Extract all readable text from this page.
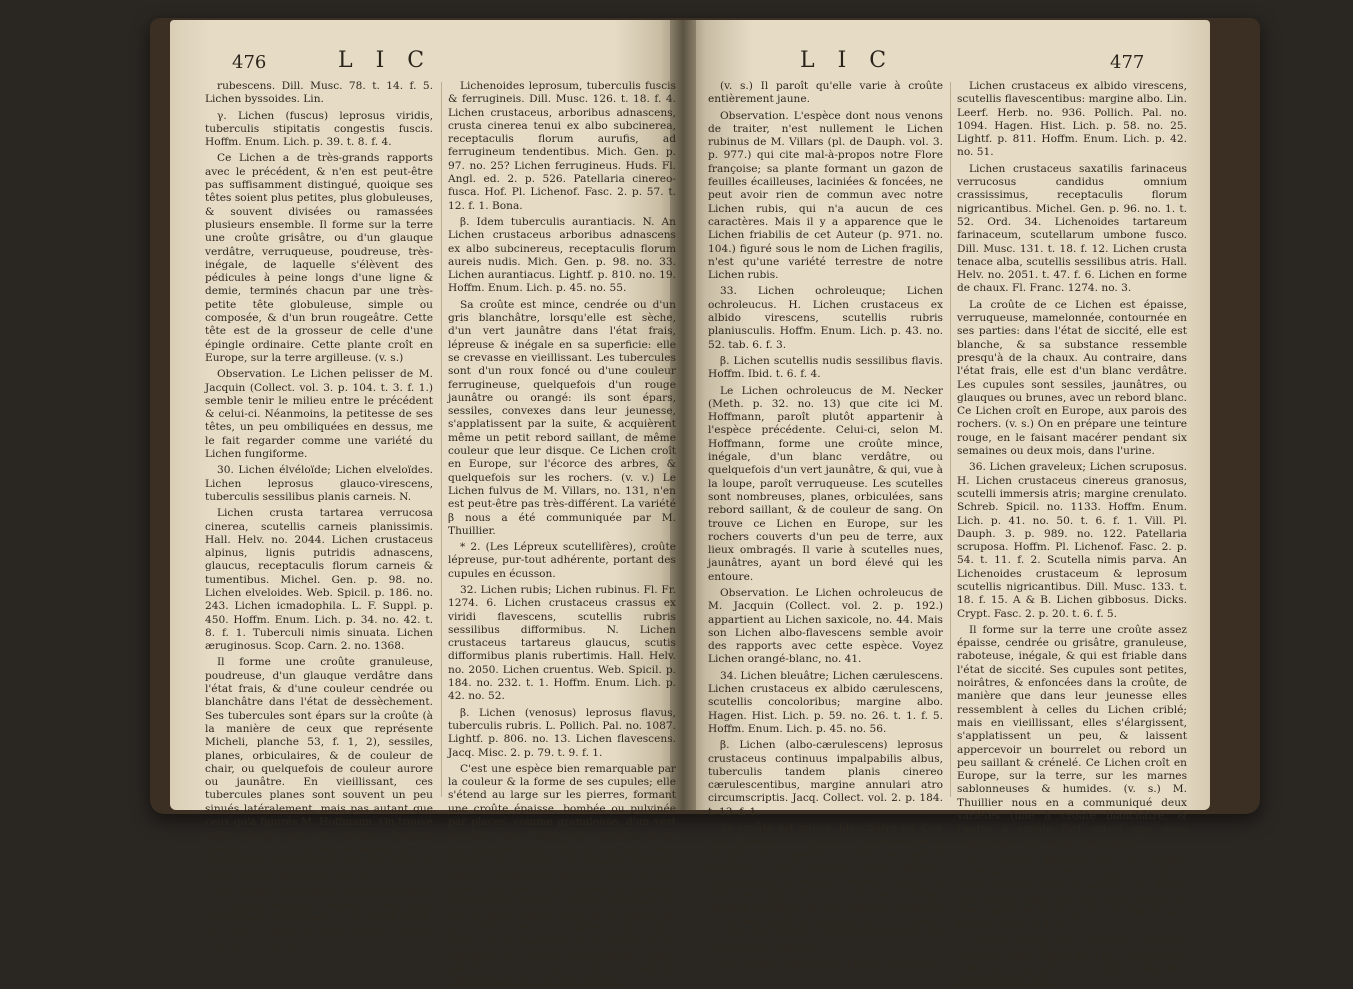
476	L I C	L I C	477

rubescens. Dill. Musc. 78. t. 14. f. 5. Lichen byssoides. Lin.

γ. Lichen (fuscus) leprosus viridis, tuberculis stipitatis congestis fuscis. Hoffm. Enum. Lich. p. 39. t. 8. f. 4.

Ce Lichen a de très-grands rapports avec le précédent, & n'en est peut-être pas suffisamment distingué, quoique ses têtes soient plus petites, plus globuleuses, & souvent divisées ou ramassées plusieurs ensemble. Il forme sur la terre une croûte grisâtre, ou d'un glauque verdâtre, verruqueuse, poudreuse, très-inégale, de laquelle s'élèvent des pédicules à peine longs d'une ligne & demie, terminés chacun par une très-petite tête globuleuse, simple ou composée, & d'un brun rougeâtre. Cette tête est de la grosseur de celle d'une épingle ordinaire. Cette plante croît en Europe, sur la terre argilleuse. (v. s.)

Observation. Le Lichen pelisser de M. Jacquin (Collect. vol. 3. p. 104. t. 3. f. 1.) semble tenir le milieu entre le précédent & celui-ci. Néanmoins, la petitesse de ses têtes, un peu ombiliquées en dessus, me le fait regarder comme une variété du Lichen fungiforme.

30. Lichen élvéloïde; Lichen elveloïdes. Lichen leprosus glauco-virescens, tuberculis sessilibus planis carneis. N.

Lichen crusta tartarea verrucosa cinerea, scutellis carneis planissimis. Hall. Helv. no. 2044. Lichen crustaceus alpinus, lignis putridis adnascens, glaucus, receptaculis florum carneis & tumentibus. Michel. Gen. p. 98. no. Lichen elveloides. Web. Spicil. p. 186. no. 243. Lichen icmadophila. L. F. Suppl. p. 450. Hoffm. Enum. Lich. p. 34. no. 42. t. 8. f. 1. Tuberculi nimis sinuata. Lichen æruginosus. Scop. Carn. 2. no. 1368.

Il forme une croûte granuleuse, poudreuse, d'un glauque verdâtre dans l'état frais, & d'une couleur cendrée ou blanchâtre dans l'état de dessèchement. Ses tubercules sont épars sur la croûte (à la manière de ceux que représente Micheli, planche 53, f. 1, 2), sessiles, planes, orbiculaires, & de couleur de chair, ou quelquefois de couleur aurore ou jaunâtre. En vieillissant, ces tubercules planes sont souvent un peu sinués latéralement, mais pas autant que ceux qu'a figurés M. Hoffmann. On trouve cette plante sur les troncs d'arbres pourris. (v. v.) Le Lichen elveloïdes de M. Jacquin est très-différent de cette espèce. Voyez Lichen pezizoïde, no. 51.

31. Lichen printanier; Lichen vernalis. L. Lichen leprosus albidus, tuberculis subrotundis ferrugineis. Lin. Leerf. Herb. no. 923. Lightf. p. 805. Hoffm. Enum. Lich. p. 33. no. 41. t. 5. f. 1.

Lichenoides leprosum, tuberculis fuscis & ferrugineis. Dill. Musc. 126. t. 18. f. 4. Lichen crustaceus, arboribus adnascens, crusta cinerea tenui ex albo subcinerea, receptaculis florum aurufis, ad ferrugineum tendentibus. Mich. Gen. p. 97. no. 25? Lichen ferrugineus. Huds. Fl. Angl. ed. 2. p. 526. Patellaria cinereo-fusca. Hof. Pl. Lichenof. Fasc. 2. p. 57. t. 12. f. 1. Bona.

β. Idem tuberculis aurantiacis. N. An Lichen crustaceus arboribus adnascens ex albo subcinereus, receptaculis florum aureis nudis. Mich. Gen. p. 98. no. 33. Lichen aurantiacus. Lightf. p. 810. no. 19. Hoffm. Enum. Lich. p. 45. no. 55.

Sa croûte est mince, cendrée ou d'un gris blanchâtre, lorsqu'elle est sèche, d'un vert jaunâtre dans l'état frais, lépreuse & inégale en sa superficie: elle se crevasse en vieillissant. Les tubercules sont d'un roux foncé ou d'une couleur ferrugineuse, quelquefois d'un rouge jaunâtre ou orangé: ils sont épars, sessiles, convexes dans leur jeunesse, s'applatissent par la suite, & acquièrent même un petit rebord saillant, de même couleur que leur disque. Ce Lichen croît en Europe, sur l'écorce des arbres, & quelquefois sur les rochers. (v. v.) Le Lichen fulvus de M. Villars, no. 131, n'en est peut-être pas très-différent. La variété β nous a été communiquée par M. Thuillier.

* 2. (Les Lépreux scutellifères), croûte lépreuse, pur-tout adhérente, portant des cupules en écusson.

32. Lichen rubis; Lichen rubinus. Fl. Fr. 1274. 6. Lichen crustaceus crassus ex viridi flavescens, scutellis rubris sessilibus difformibus. N. Lichen crustaceus tartareus glaucus, scutis difformibus planis rubertimis. Hall. Helv. no. 2050. Lichen cruentus. Web. Spicil. p. 184. no. 232. t. 1. Hoffm. Enum. Lich. p. 42. no. 52.

β. Lichen (venosus) leprosus flavus, tuberculis rubris. L. Pollich. Pal. no. 1087. Lightf. p. 806. no. 13. Lichen flavescens. Jacq. Misc. 2. p. 79. t. 9. f. 1.

C'est une espèce bien remarquable par la couleur & la forme de ses cupules; elle s'étend au large sur les pierres, formant une croûte épaisse, bombée ou pulvinée par places, comme granuleuse, d'un vert jaunâtre dans l'état frais, grisâtre & un peu glauque dans l'état de siccité. Cette croûte est chargée de cupules sessiles, planes, irrégulières en leur bord, & d'un rouge très-foncé. Ces cupules acquièrent jusqu'à deux lignes & demie de largeur, & ont un petit rebord élevé de la couleur de la croûte. Elles ressemblent à des rubis épars sur la superficie de la plante, & lui donnent un aspect très-élégant. Cette plante croît dans le Dauphiné, l'Allemagne, &c. sur les rochers.

(v. s.) Il paroît qu'elle varie à croûte entièrement jaune.

Observation. L'espèce dont nous venons de traiter, n'est nullement le Lichen rubinus de M. Villars (pl. de Dauph. vol. 3. p. 977.) qui cite mal-à-propos notre Flore françoise; sa plante formant un gazon de feuilles écailleuses, laciniées & foncées, ne peut avoir rien de commun avec notre Lichen rubis, qui n'a aucun de ces caractères. Mais il y a apparence que le Lichen friabilis de cet Auteur (p. 971. no. 104.) figuré sous le nom de Lichen fragilis, n'est qu'une variété terrestre de notre Lichen rubis.

33. Lichen ochroleuque; Lichen ochroleucus. H. Lichen crustaceus ex albido virescens, scutellis rubris planiusculis. Hoffm. Enum. Lich. p. 43. no. 52. tab. 6. f. 3.

β. Lichen scutellis nudis sessilibus flavis. Hoffm. Ibid. t. 6. f. 4.

Le Lichen ochroleucus de M. Necker (Meth. p. 32. no. 13) que cite ici M. Hoffmann, paroît plutôt appartenir à l'espèce précédente. Celui-ci, selon M. Hoffmann, forme une croûte mince, inégale, d'un blanc verdâtre, ou quelquefois d'un vert jaunâtre, & qui, vue à la loupe, paroît verruqueuse. Les scutelles sont nombreuses, planes, orbiculées, sans rebord saillant, & de couleur de sang. On trouve ce Lichen en Europe, sur les rochers couverts d'un peu de terre, aux lieux ombragés. Il varie à scutelles nues, jaunâtres, ayant un bord élevé qui les entoure.

Observation. Le Lichen ochroleucus de M. Jacquin (Collect. vol. 2. p. 192.) appartient au Lichen saxicole, no. 44. Mais son Lichen albo-flavescens semble avoir des rapports avec cette espèce. Voyez Lichen orangé-blanc, no. 41.

34. Lichen bleuâtre; Lichen cærulescens. Lichen crustaceus ex albido cærulescens, scutellis concoloribus; margine albo. Hagen. Hist. Lich. p. 59. no. 26. t. 1. f. 5. Hoffm. Enum. Lich. p. 45. no. 56.

β. Lichen (albo-cærulescens) leprosus crustaceus continuus impalpabilis albus, tuberculis tandem planis cinereo cærulescentibus, margine annulari atro circumscriptis. Jacq. Collect. vol. 2. p. 184. t. 13. f. 1.

Sa croûte est mince, blanchâtre ou d'un gris glauque, & souvent si abondamment chargée de cupules, qu'elle en paroît bleuâtre. Ses cupules sont petites, nombreuses, à disque bleuâtre avec un bord plus pâle. Par la suite, leur disque devient noirâtre, & leur rebord disparoît. Ce Lichen croît en Europe, sur les rochers & sur les arbres, particulièrement sur l'écorce des Tilleuls.

35. Lichen tartareux; Lichen tartareus. L.

Lichen crustaceus ex albido virescens, scutellis flavescentibus: margine albo. Lin. Leerf. Herb. no. 936. Pollich. Pal. no. 1094. Hagen. Hist. Lich. p. 58. no. 25. Lightf. p. 811. Hoffm. Enum. Lich. p. 42. no. 51.

Lichen crustaceus saxatilis farinaceus verrucosus candidus omnium crassissimus, receptaculis florum nigricantibus. Michel. Gen. p. 96. no. 1. t. 52. Ord. 34. Lichenoides tartareum farinaceum, scutellarum umbone fusco. Dill. Musc. 131. t. 18. f. 12. Lichen crusta tenace alba, scutellis sessilibus atris. Hall. Helv. no. 2051. t. 47. f. 6. Lichen en forme de chaux. Fl. Franc. 1274. no. 3.

La croûte de ce Lichen est épaisse, verruqueuse, mamelonnée, contournée en ses parties: dans l'état de siccité, elle est blanche, & sa substance ressemble presqu'à de la chaux. Au contraire, dans l'état frais, elle est d'un blanc verdâtre. Les cupules sont sessiles, jaunâtres, ou glauques ou brunes, avec un rebord blanc. Ce Lichen croît en Europe, aux parois des rochers. (v. s.) On en prépare une teinture rouge, en le faisant macérer pendant six semaines ou deux mois, dans l'urine.

36. Lichen graveleux; Lichen scruposus. H. Lichen crustaceus cinereus granosus, scutelli immersis atris; margine crenulato. Schreb. Spicil. no. 1133. Hoffm. Enum. Lich. p. 41. no. 50. t. 6. f. 1. Vill. Pl. Dauph. 3. p. 989. no. 122. Patellaria scruposa. Hoffm. Pl. Lichenof. Fasc. 2. p. 54. t. 11. f. 2. Scutella nimis parva. An Lichenoides crustaceum & leprosum scutellis nigricantibus. Dill. Musc. 133. t. 18. f. 15. A & B. Lichen gibbosus. Dicks. Crypt. Fasc. 2. p. 20. t. 6. f. 5.

Il forme sur la terre une croûte assez épaisse, cendrée ou grisâtre, granuleuse, raboteuse, inégale, & qui est friable dans l'état de siccité. Ses cupules sont petites, noirâtres, & enfoncées dans la croûte, de manière que dans leur jeunesse elles ressemblent à celles du Lichen criblé; mais en vieillissant, elles s'élargissent, s'applatissent un peu, & laissent appercevoir un bourrelet ou rebord un peu saillant & crénelé. Ce Lichen croît en Europe, sur la terre, sur les marnes sablonneuses & humides. (v. s.) M. Thuillier nous en a communiqué deux variétés (une à croûte blanchâtre, & l'autre à croûte fort grise) que nous n'avons pas cru devoir distinguer.

37. Lichen pareille; Fl. Fr. Lichen parellus. L. Lichen crustaceus albus, peltis concavis obtusis pallidis. Lin. Mant. 132. Leerf. Herb. no. 939. Web. Spicil. p. 199. Lightf. Fl. Scot. p. 814. Hoffm. Enum. Lich. p. 55. t. 6. f. 2.

Lichen crustaceus leprosus, scutellis cinereis. Vaill. Paris. p. 116. Lichenoides leprosum tinctorium, scutellis lapidum cancri figura. Dill.
